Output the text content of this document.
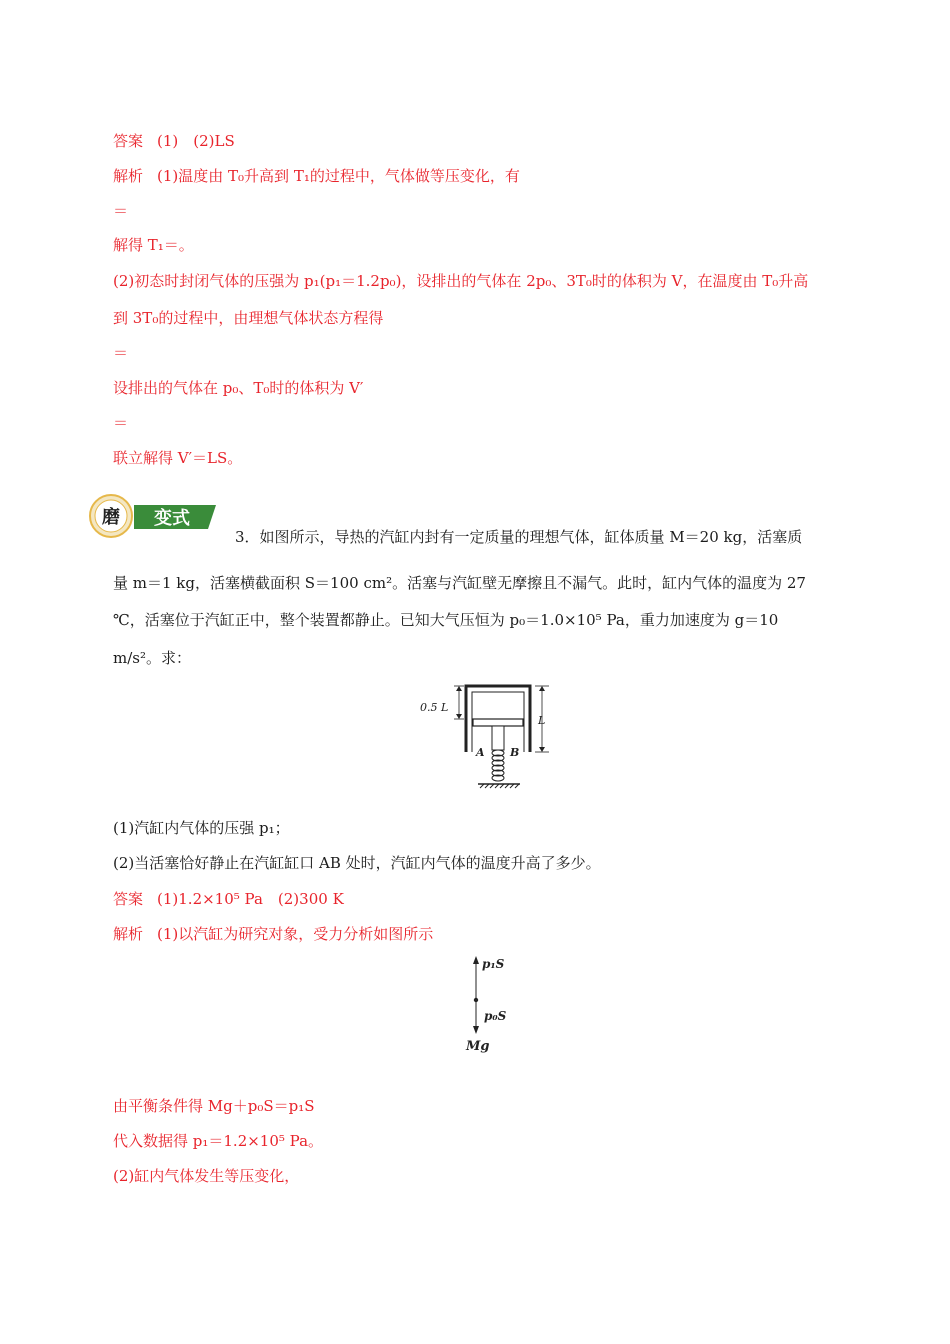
答案 (1)　(2)LS
解析 (1)温度由 T₀升高到 T₁的过程中，气体做等压变化，有
＝
解得 T₁＝。
(2)初态时封闭气体的压强为 p₁(p₁＝1.2p₀)，设排出的气体在 2p₀、3T₀时的体积为 V，在温度由 T₀升高
到 3T₀的过程中，由理想气体状态方程得
＝
设排出的气体在 p₀、T₀时的体积为 V′
＝
联立解得 V′＝LS。
磨 变式
3．如图所示，导热的汽缸内封有一定质量的理想气体，缸体质量 M＝20 kg，活塞质
量 m＝1 kg，活塞横截面积 S＝100 cm²。活塞与汽缸壁无摩擦且不漏气。此时，缸内气体的温度为 27
℃，活塞位于汽缸正中，整个装置都静止。已知大气压恒为 p₀＝1.0×10⁵ Pa，重力加速度为 g＝10
m/s²。求：
0.5 L
L
A B
(1)汽缸内气体的压强 p₁；
(2)当活塞恰好静止在汽缸缸口 AB 处时，汽缸内气体的温度升高了多少。
答案 (1)1.2×10⁵ Pa　(2)300 K
解析 (1)以汽缸为研究对象，受力分析如图所示
p₁S
p₀S
Mg
由平衡条件得 Mg＋p₀S＝p₁S
代入数据得 p₁＝1.2×10⁵ Pa。
(2)缸内气体发生等压变化，
